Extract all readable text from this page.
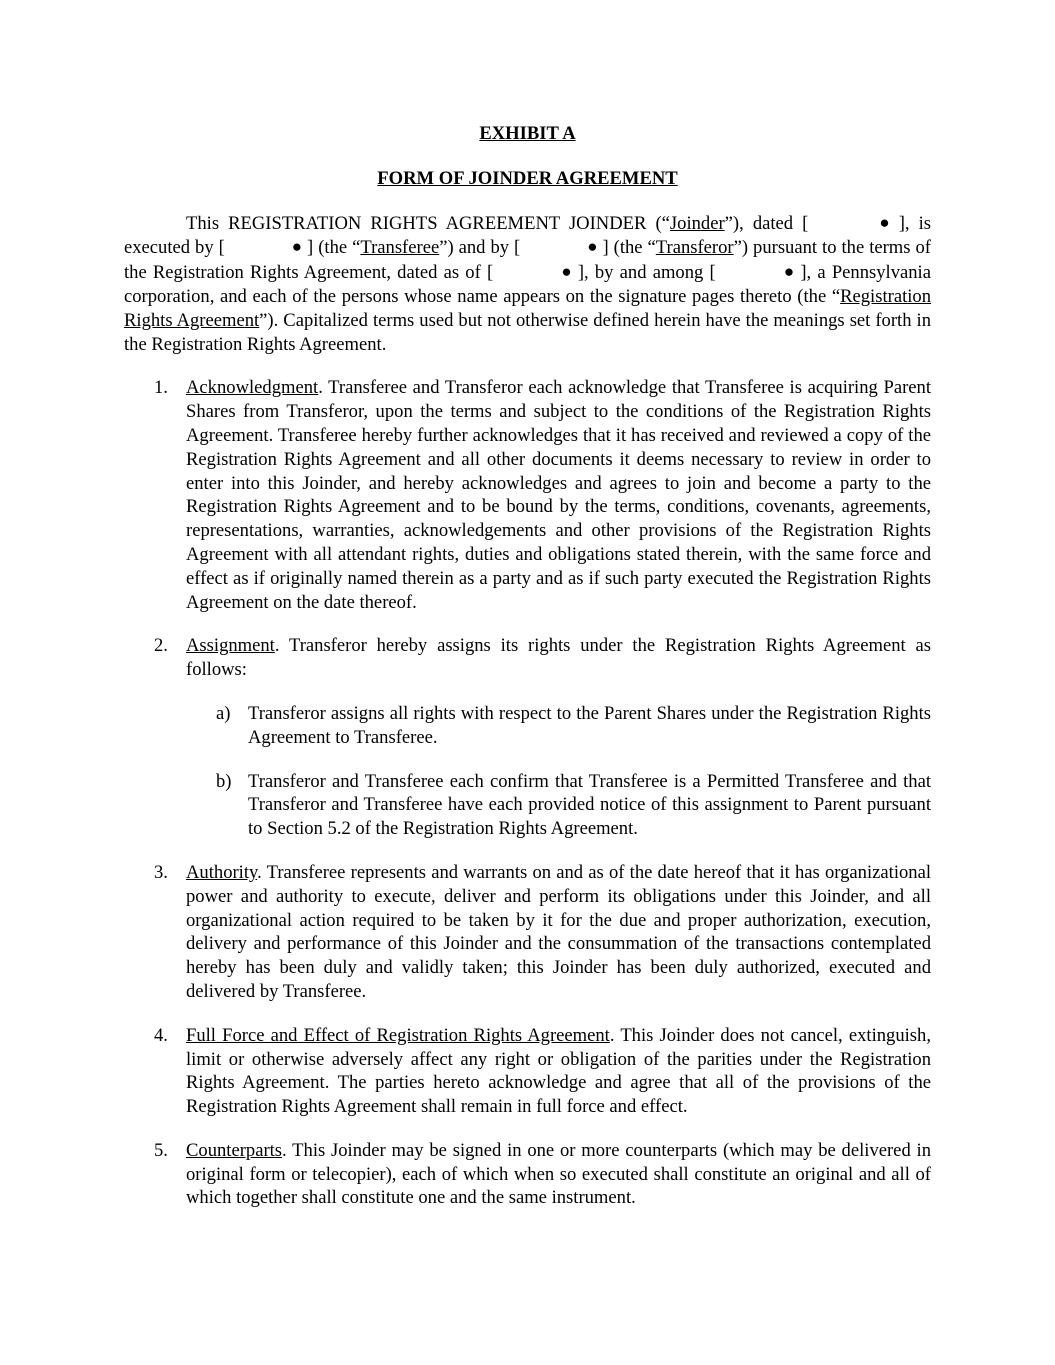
EXHIBIT A

FORM OF JOINDER AGREEMENT

This REGISTRATION RIGHTS AGREEMENT JOINDER (“Joinder”), dated [	● ], is executed by [	● ] (the “Transferee”) and by [	● ] (the “Transferor”) pursuant to the terms of the Registration Rights Agreement, dated as of [	● ], by and among [	● ], a Pennsylvania corporation, and each of the persons whose name appears on the signature pages thereto (the “Registration Rights Agreement”). Capitalized terms used but not otherwise defined herein have the meanings set forth in the Registration Rights Agreement.

1. Acknowledgment. Transferee and Transferor each acknowledge that Transferee is acquiring Parent Shares from Transferor, upon the terms and subject to the conditions of the Registration Rights Agreement. Transferee hereby further acknowledges that it has received and reviewed a copy of the Registration Rights Agreement and all other documents it deems necessary to review in order to enter into this Joinder, and hereby acknowledges and agrees to join and become a party to the Registration Rights Agreement and to be bound by the terms, conditions, covenants, agreements, representations, warranties, acknowledgements and other provisions of the Registration Rights Agreement with all attendant rights, duties and obligations stated therein, with the same force and effect as if originally named therein as a party and as if such party executed the Registration Rights Agreement on the date thereof.
2. Assignment. Transferor hereby assigns its rights under the Registration Rights Agreement as follows:
a) Transferor assigns all rights with respect to the Parent Shares under the Registration Rights Agreement to Transferee.
b) Transferor and Transferee each confirm that Transferee is a Permitted Transferee and that Transferor and Transferee have each provided notice of this assignment to Parent pursuant to Section 5.2 of the Registration Rights Agreement.
3. Authority. Transferee represents and warrants on and as of the date hereof that it has organizational power and authority to execute, deliver and perform its obligations under this Joinder, and all organizational action required to be taken by it for the due and proper authorization, execution, delivery and performance of this Joinder and the consummation of the transactions contemplated hereby has been duly and validly taken; this Joinder has been duly authorized, executed and delivered by Transferee.
4. Full Force and Effect of Registration Rights Agreement. This Joinder does not cancel, extinguish, limit or otherwise adversely affect any right or obligation of the parities under the Registration Rights Agreement. The parties hereto acknowledge and agree that all of the provisions of the Registration Rights Agreement shall remain in full force and effect.
5. Counterparts. This Joinder may be signed in one or more counterparts (which may be delivered in original form or telecopier), each of which when so executed shall constitute an original and all of which together shall constitute one and the same instrument.
